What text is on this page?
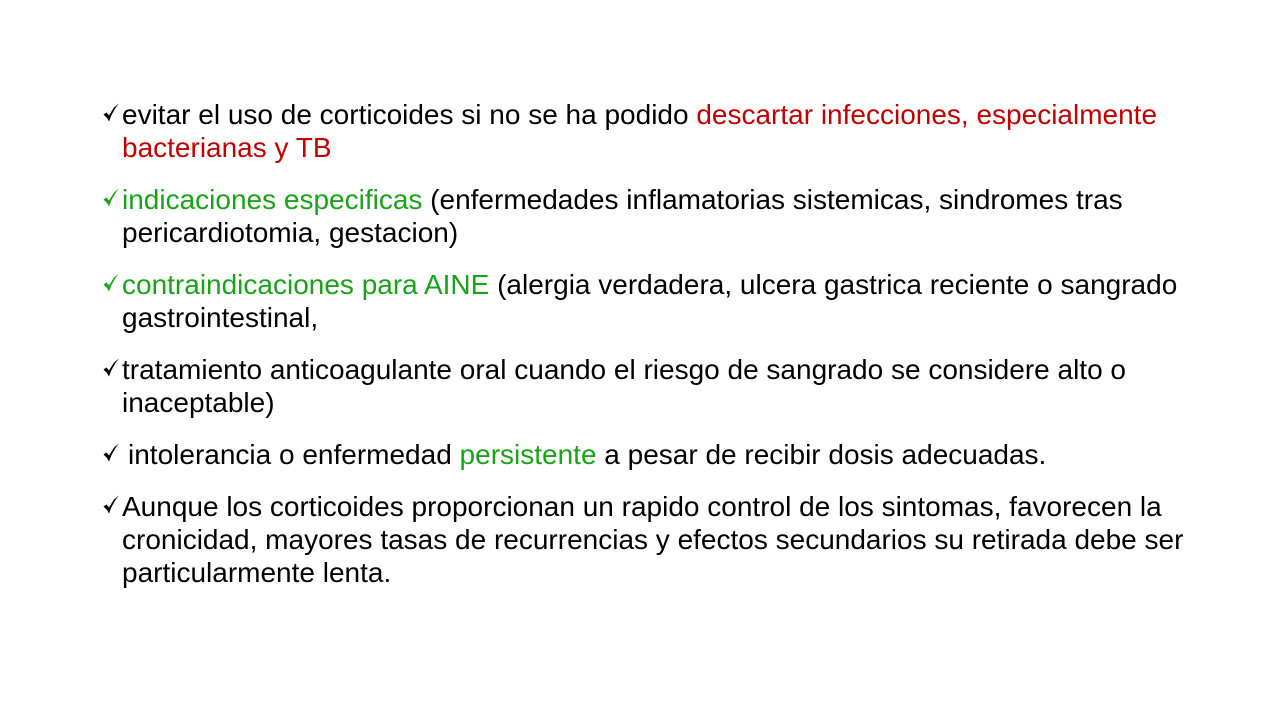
evitar el uso de corticoides si no se ha podido descartar infecciones, especialmente bacterianas y TB
indicaciones especificas (enfermedades inflamatorias sistemicas, sindromes tras pericardiotomia, gestacion)
contraindicaciones para AINE (alergia verdadera, ulcera gastrica reciente o sangrado gastrointestinal,
tratamiento anticoagulante oral cuando el riesgo de sangrado se considere alto o inaceptable)
intolerancia o enfermedad persistente a pesar de recibir dosis adecuadas.
Aunque los corticoides proporcionan un rapido control de los sintomas, favorecen la cronicidad, mayores tasas de recurrencias y efectos secundarios su retirada debe ser particularmente lenta.
